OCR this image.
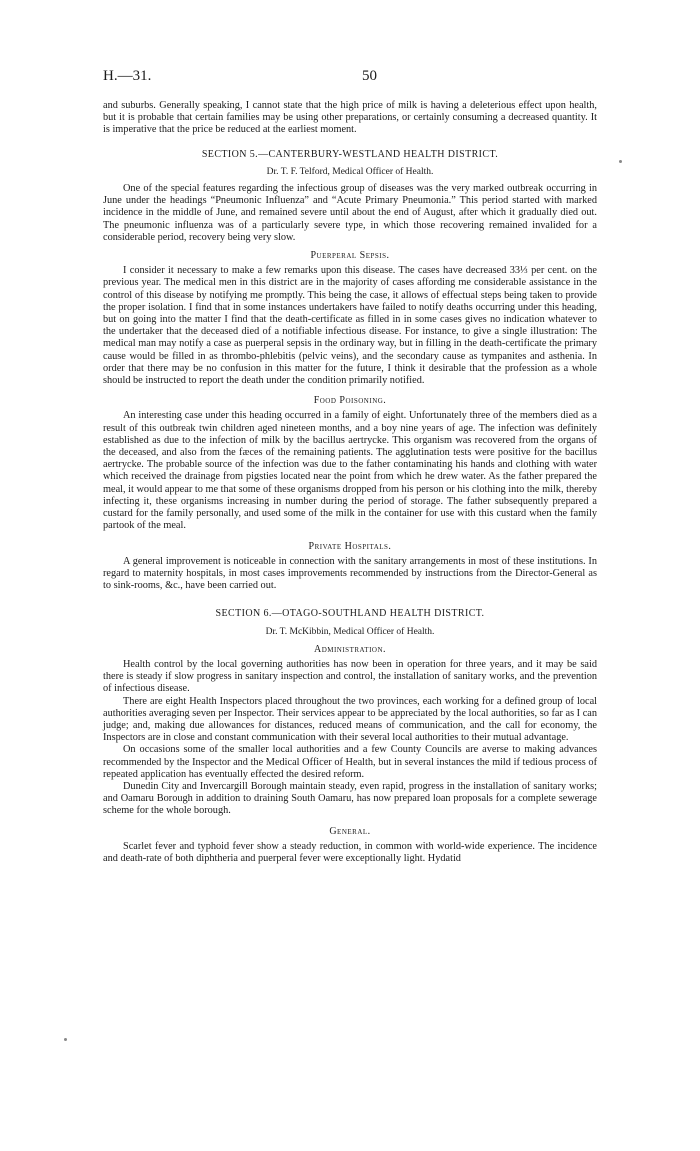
H.—31.	50

and suburbs. Generally speaking, I cannot state that the high price of milk is having a deleterious effect upon health, but it is probable that certain families may be using other preparations, or certainly consuming a decreased quantity. It is imperative that the price be reduced at the earliest moment.

SECTION 5.—CANTERBURY-WESTLAND HEALTH DISTRICT.
Dr. T. F. Telford, Medical Officer of Health.

One of the special features regarding the infectious group of diseases was the very marked outbreak occurring in June under the headings “Pneumonic Influenza” and “Acute Primary Pneumonia.” This period started with marked incidence in the middle of June, and remained severe until about the end of August, after which it gradually died out. The pneumonic influenza was of a particularly severe type, in which those recovering remained invalided for a considerable period, recovery being very slow.

Puerperal Sepsis.

I consider it necessary to make a few remarks upon this disease. The cases have decreased 33⅓ per cent. on the previous year. The medical men in this district are in the majority of cases affording me considerable assistance in the control of this disease by notifying me promptly. This being the case, it allows of effectual steps being taken to provide the proper isolation. I find that in some instances undertakers have failed to notify deaths occurring under this heading, but on going into the matter I find that the death-certificate as filled in in some cases gives no indication whatever to the undertaker that the deceased died of a notifiable infectious disease. For instance, to give a single illustration: The medical man may notify a case as puerperal sepsis in the ordinary way, but in filling in the death-certificate the primary cause would be filled in as thrombo-phlebitis (pelvic veins), and the secondary cause as tympanites and asthenia. In order that there may be no confusion in this matter for the future, I think it desirable that the profession as a whole should be instructed to report the death under the condition primarily notified.

Food Poisoning.

An interesting case under this heading occurred in a family of eight. Unfortunately three of the members died as a result of this outbreak twin children aged nineteen months, and a boy nine years of age. The infection was definitely established as due to the infection of milk by the bacillus aertrycke. This organism was recovered from the organs of the deceased, and also from the fæces of the remaining patients. The agglutination tests were positive for the bacillus aertrycke. The probable source of the infection was due to the father contaminating his hands and clothing with water which received the drainage from pigsties located near the point from which he drew water. As the father prepared the meal, it would appear to me that some of these organisms dropped from his person or his clothing into the milk, thereby infecting it, these organisms increasing in number during the period of storage. The father subsequently prepared a custard for the family personally, and used some of the milk in the container for use with this custard when the family partook of the meal.

Private Hospitals.

A general improvement is noticeable in connection with the sanitary arrangements in most of these institutions. In regard to maternity hospitals, in most cases improvements recommended by instructions from the Director-General as to sink-rooms, &c., have been carried out.

SECTION 6.—OTAGO-SOUTHLAND HEALTH DISTRICT.
Dr. T. McKibbin, Medical Officer of Health.
Administration.

Health control by the local governing authorities has now been in operation for three years, and it may be said there is steady if slow progress in sanitary inspection and control, the installation of sanitary works, and the prevention of infectious disease.

There are eight Health Inspectors placed throughout the two provinces, each working for a defined group of local authorities averaging seven per Inspector. Their services appear to be appreciated by the local authorities, so far as I can judge; and, making due allowances for distances, reduced means of communication, and the call for economy, the Inspectors are in close and constant communication with their several local authorities to their mutual advantage.

On occasions some of the smaller local authorities and a few County Councils are averse to making advances recommended by the Inspector and the Medical Officer of Health, but in several instances the mild if tedious process of repeated application has eventually effected the desired reform.

Dunedin City and Invercargill Borough maintain steady, even rapid, progress in the installation of sanitary works; and Oamaru Borough in addition to draining South Oamaru, has now prepared loan proposals for a complete sewerage scheme for the whole borough.

General.

Scarlet fever and typhoid fever show a steady reduction, in common with world-wide experience. The incidence and death-rate of both diphtheria and puerperal fever were exceptionally light. Hydatid
